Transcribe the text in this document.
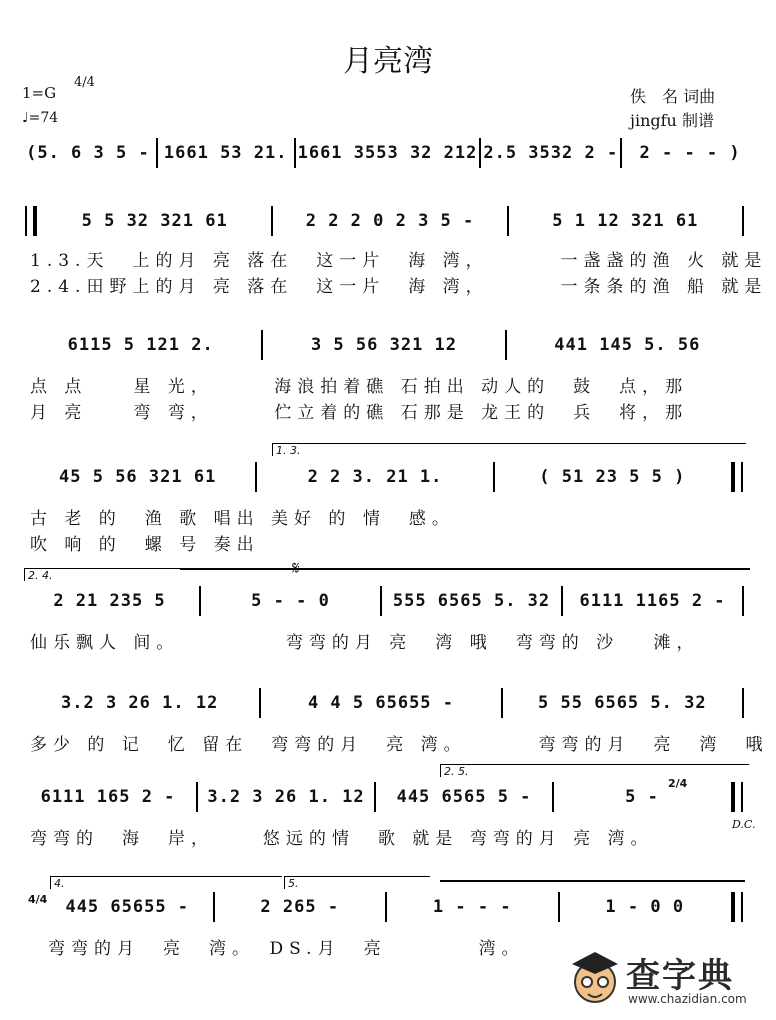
月亮湾
1=G
4/4
♩=74
佚　名 词曲
jingfu 制谱
(5. 6 3 5 - 1661 53 21. 1661 3553 32 212 2.5 3532 2 -	2 - - - )
5 5 32 321 61	2 2 2 0 2 3 5 -	5 1 12 321 61
1.3.天　上的月 亮 落在　这一片　海 湾，　　　 一盏盏的渔 火 就是
2.4.田野上的月 亮 落在　这一片　海 湾，　　　 一条条的渔 船 就是
6115 5 121 2.	3 5 56 321 12	441 145 5. 56
点 点　　星 光，　　　海浪拍着礁 石拍出 动人的　鼓　点，那
月 亮　　弯 弯，　　　伫立着的礁 石那是 龙王的　兵　将，那
1. 3.
45 5 56 321 61	2 2 3. 21 1.	( 51 23 5 5 )
古 老 的　渔 歌 唱出 美好 的 情　感。
吹 响 的　螺 号 奏出
2. 4.
2 21 235 5	5 - - 0	555 6565 5. 32	6111 1165 2 -
仙乐飘人 间。　　　　　弯弯的月 亮　湾 哦　弯弯的 沙　 滩，
3.2 3 26 1. 12	4 4 5 65655 -	5 55 6565 5. 32
多少 的 记　忆 留在　弯弯的月　亮 湾。　　　 弯弯的月　亮　湾　哦
2. 5.
6111 165 2 -	3.2 3 26 1. 12	445 6565 5 -	5 -
2/4
D.C.
弯弯的　海　岸，　　 悠远的情　歌 就是 弯弯的月 亮 湾。
4.	5.
4/4	445 65655 -	2 265 -	1 - - -	1 - 0 0
弯弯的月　亮　湾。　DS.月　亮　　　　湾。
查字典
www.chazidian.com
